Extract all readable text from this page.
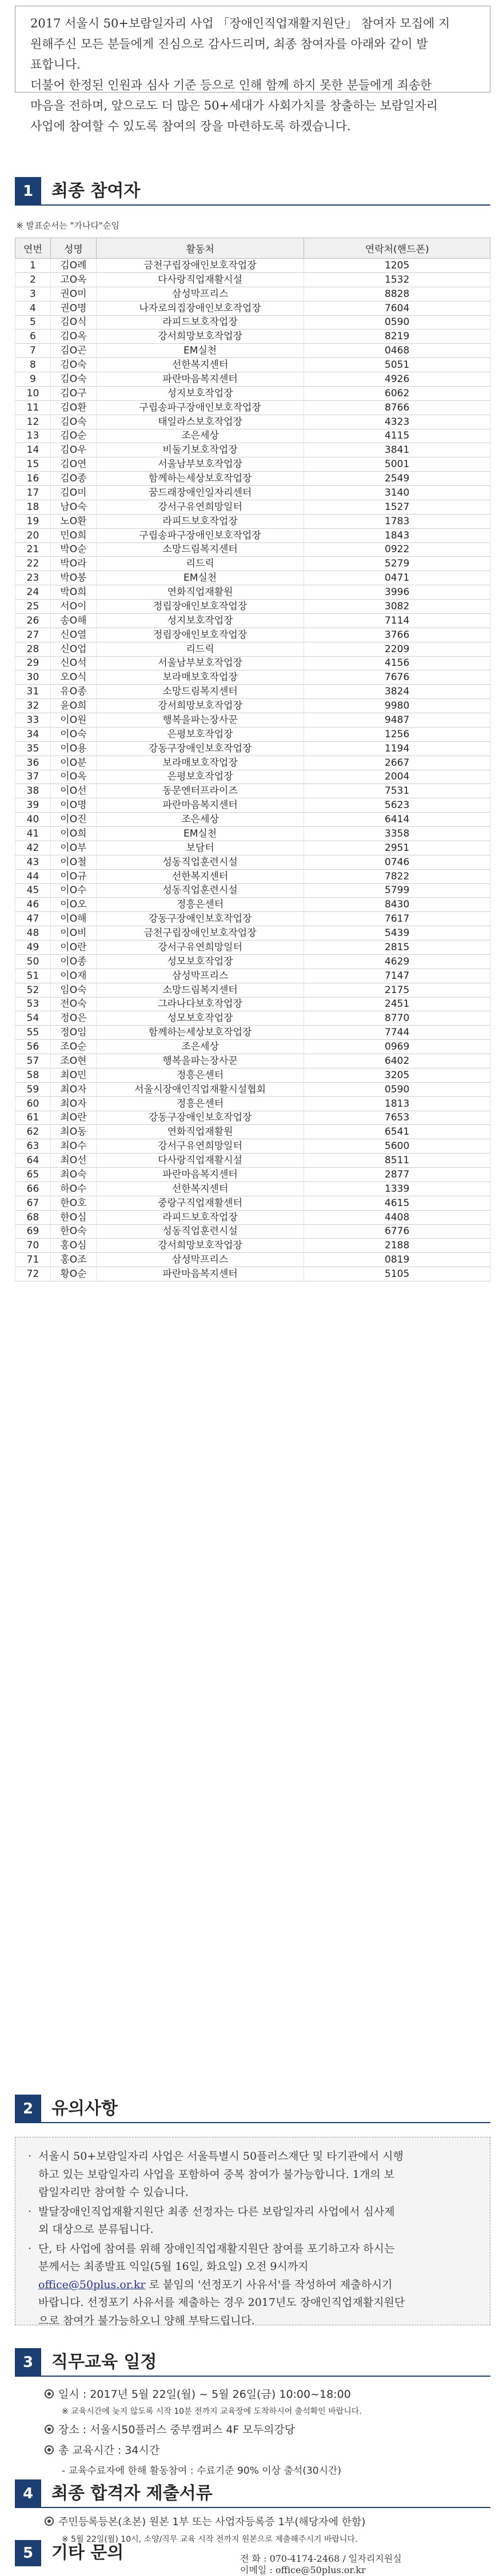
2017 서울시 50+보람일자리 사업 「장애인직업재활지원단」 참여자 모집에 지

원해주신 모든 분들에게 진심으로 감사드리며, 최종 참여자를 아래와 같이 발

표합니다.

더불어 한정된 인원과 심사 기준 등으로 인해 함께 하지 못한 분들에게 죄송한

마음을 전하며, 앞으로도 더 많은 50+세대가 사회가치를 창출하는 보람일자리

사업에 참여할 수 있도록 참여의 장을 마련하도록 하겠습니다.

1	최종 참여자
※ 발표순서는 "가나다"순임
연번	성명	활동처	연락처(핸드폰)
1	김O례	금천구립장애인보호작업장	1205
2	고O옥	다사랑직업재활시설	1532
3	권O미	삼성막프리스	8828
4	권O명	나자로의집장애인보호작업장	7604
5	김O식	라피드보호작업장	0590
6	김O옥	강서희망보호작업장	8219
7	김O곤	EM실천	0468
8	김O숙	선한복지센터	5051
9	김O숙	파란마음복지센터	4926
10	김O구	성지보호작업장	6062
11	김O환	구립송파구장애인보호작업장	8766
12	김O숙	태일라스보호작업장	4323
13	김O순	조은세상	4115
14	김O우	비둘기보호작업장	3841
15	김O연	서울남부보호작업장	5001
16	김O종	함께하는세상보호작업장	2549
17	김O미	꿈드래장애인일자리센터	3140
18	남O숙	강서구유연희망일터	1527
19	노O환	라피드보호작업장	1783
20	민O희	구립송파구장애인보호작업장	1843
21	박O순	소망드림복지센터	0922
22	박O라	리드릭	5279
23	박O봉	EM실천	0471
24	박O희	연화직업재활원	3996
25	서O이	정립장애인보호작업장	3082
26	송O해	성지보호작업장	7114
27	신O열	정립장애인보호작업장	3766
28	신O업	리드릭	2209
29	신O석	서울남부보호작업장	4156
30	오O식	보라매보호작업장	7676
31	유O종	소망드림복지센터	3824
32	윤O희	강서희망보호작업장	9980
33	이O원	행복을파는장사꾼	9487
34	이O숙	은평보호작업장	1256
35	이O용	강동구장애인보호작업장	1194
36	이O분	보라매보호작업장	2667
37	이O옥	은평보호작업장	2004
38	이O선	동문엔터프라이즈	7531
39	이O명	파란마음복지센터	5623
40	이O진	조은세상	6414
41	이O희	EM실천	3358
42	이O부	보담터	2951
43	이O철	성동직업훈련시설	0746
44	이O규	선한복지센터	7822
45	이O수	성동직업훈련시설	5799
46	이O오	정흥은센터	8430
47	이O해	강동구장애인보호작업장	7617
48	이O비	금천구립장애인보호작업장	5439
49	이O란	강서구유연희망일터	2815
50	이O종	성모보호작업장	4629
51	이O재	삼성막프리스	7147
52	임O숙	소망드림복지센터	2175
53	전O숙	그라나다보호작업장	2451
54	정O은	성모보호작업장	8770
55	정O임	함께하는세상보호작업장	7744
56	조O순	조은세상	0969
57	조O현	행복을파는장사꾼	6402
58	최O민	정흥은센터	3205
59	최O자	서울시장애인직업재활시설협회	0590
60	최O자	정흥은센터	1813
61	최O란	강동구장애인보호작업장	7653
62	최O동	연화직업재활원	6541
63	최O수	강서구유연희망일터	5600
64	최O선	다사랑직업재활시설	8511
65	최O숙	파란마음복지센터	2877
66	하O수	선한복지센터	1339
67	한O호	중랑구직업재활센터	4615
68	한O심	라피드보호작업장	4408
69	한O숙	성동직업훈련시설	6776
70	홍O심	강서희망보호작업장	2188
71	홍O조	삼성막프리스	0819
72	황O순	파란마음복지센터	5105
2	유의사항
· 서울시 50+보람일자리 사업은 서울특별시 50플러스재단 및 타기관에서 시행
하고 있는 보람일자리 사업을 포함하여 중복 참여가 불가능합니다. 1개의 보
람일자리만 참여할 수 있습니다.
· 발달장애인직업재활지원단 최종 선정자는 다른 보람일자리 사업에서 심사제
외 대상으로 분류됩니다.
· 단, 타 사업에 참여를 위해 장애인직업재활지원단 참여를 포기하고자 하시는
분께서는 최종발표 익일(5월 16일, 화요일) 오전 9시까지
office@50plus.or.kr 로 붙임의 '선정포기 사유서'를 작성하여 제출하시기
바랍니다. 선정포기 사유서를 제출하는 경우 2017년도 장애인직업재활지원단
으로 참여가 불가능하오니 양해 부탁드립니다.
3	직무교육 일정
일시 : 2017년 5월 22일(월) ~ 5월 26일(금) 10:00~18:00
※ 교육시간에 늦지 않도록 시작 10분 전까지 교육장에 도착하시어 출석확인 바랍니다.
장소 : 서울시50플러스 중부캠퍼스 4F 모두의강당
총 교육시간 : 34시간
- 교육수료자에 한해 활동참여 : 수료기준 90% 이상 출석(30시간)
4	최종 합격자 제출서류
주민등록등본(초본) 원본 1부 또는 사업자등록증 1부(해당자에 한함)
※ 5월 22일(월) 10시, 소양/직무 교육 시작 전까지 원본으로 제출해주시기 바랍니다.
5	기타 문의	전 화 : 070-4174-2468 / 일자리지원실
이메일 : office@50plus.or.kr
